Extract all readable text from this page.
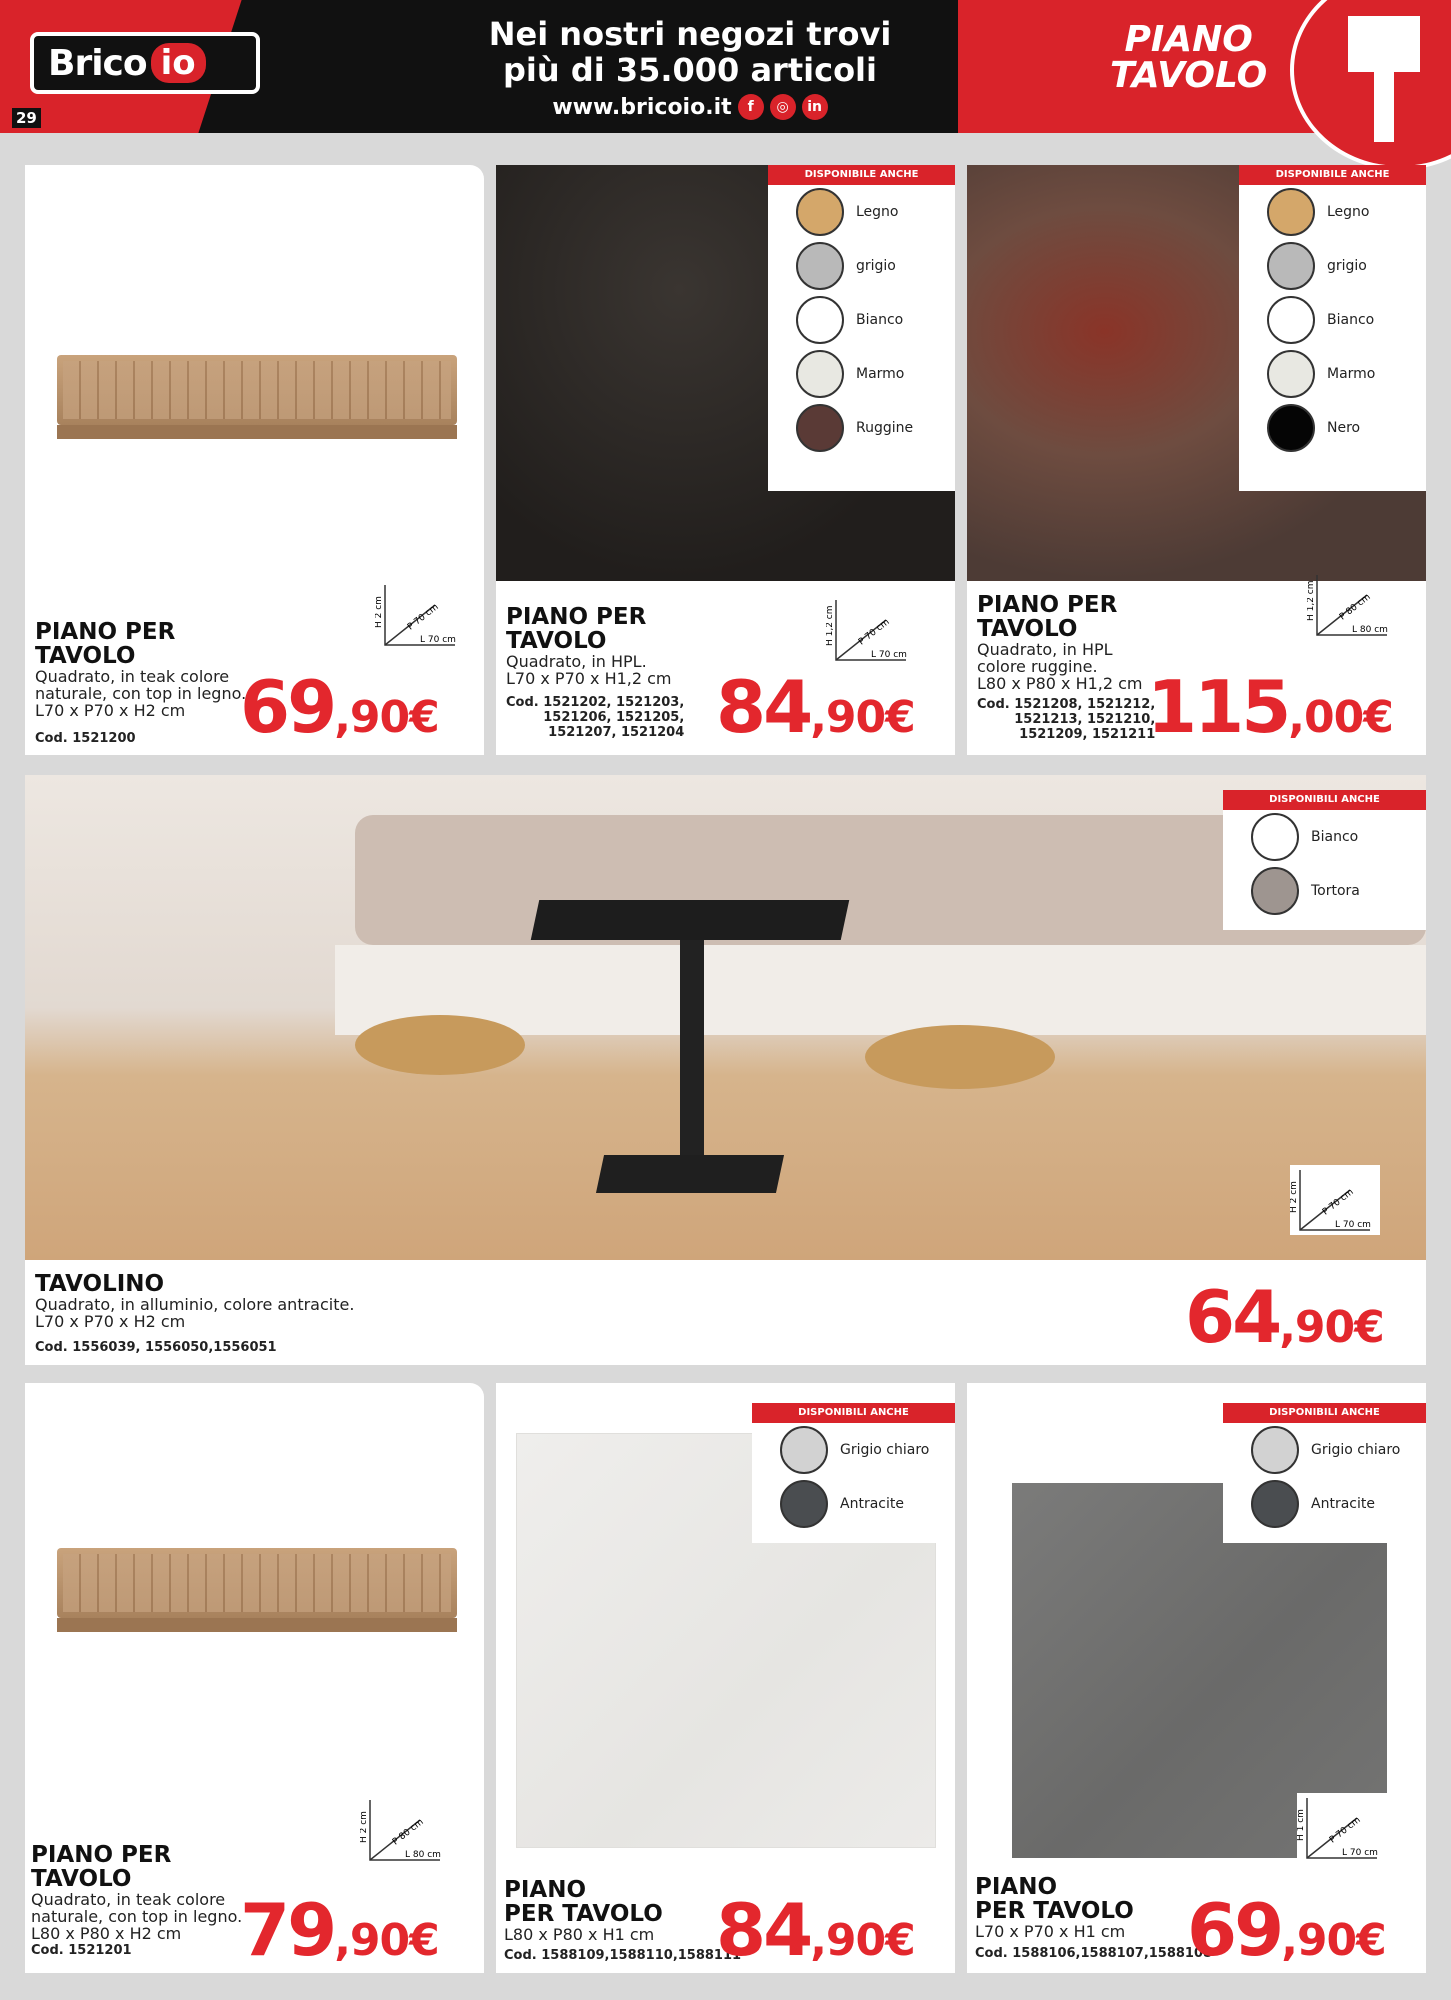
Brico io
29
Nei nostri negozi trovi
più di 35.000 articoli
www.bricoio.it	f	◎	in
PIANO
TAVOLO
H 2 cm P 70 cm
L 70 cm
PIANO PER
TAVOLO
Quadrato, in teak colore
naturale, con top in legno.
L70 x P70 x H2 cm
Cod. 1521200 69,90€
DISPONIBILE ANCHE
Legno
grigio
Bianco
Marmo
Ruggine
H 1,2 cm P 70 cm
L 70 cm
PIANO PER
TAVOLO
Quadrato, in HPL.
L70 x P70 x H1,2 cm
Cod. 1521202, 1521203,
1521206, 1521205,
1521207, 1521204 84,90€
DISPONIBILE ANCHE
Legno
grigio
Bianco
Marmo
Nero
H 1,2 cm P 80 cm
L 80 cm
PIANO PER
TAVOLO
Quadrato, in HPL
colore ruggine.
L80 x P80 x H1,2 cm
Cod. 1521208, 1521212,
1521213, 1521210,
1521209, 1521211
115,00€
DISPONIBILI ANCHE
Bianco
Tortora
H 2 cm P 70 cm
L 70 cm
TAVOLINO
Quadrato, in alluminio, colore antracite.
L70 x P70 x H2 cm
Cod. 1556039, 1556050,1556051	64,90€
H 2 cm P 80 cm
L 80 cm
PIANO PER
TAVOLO
Quadrato, in teak colore
naturale, con top in legno.
L80 x P80 x H2 cm
Cod. 1521201 79,90€
DISPONIBILI ANCHE
Grigio chiaro
Antracite
PIANO
PER TAVOLO
L80 x P80 x H1 cm
Cod. 1588109,1588110,1588111
84,90€
DISPONIBILI ANCHE
Grigio chiaro
Antracite
H 1 cm P 70 cm
L 70 cm
PIANO
PER TAVOLO
L70 x P70 x H1 cm
Cod. 1588106,1588107,1588108
69,90€
